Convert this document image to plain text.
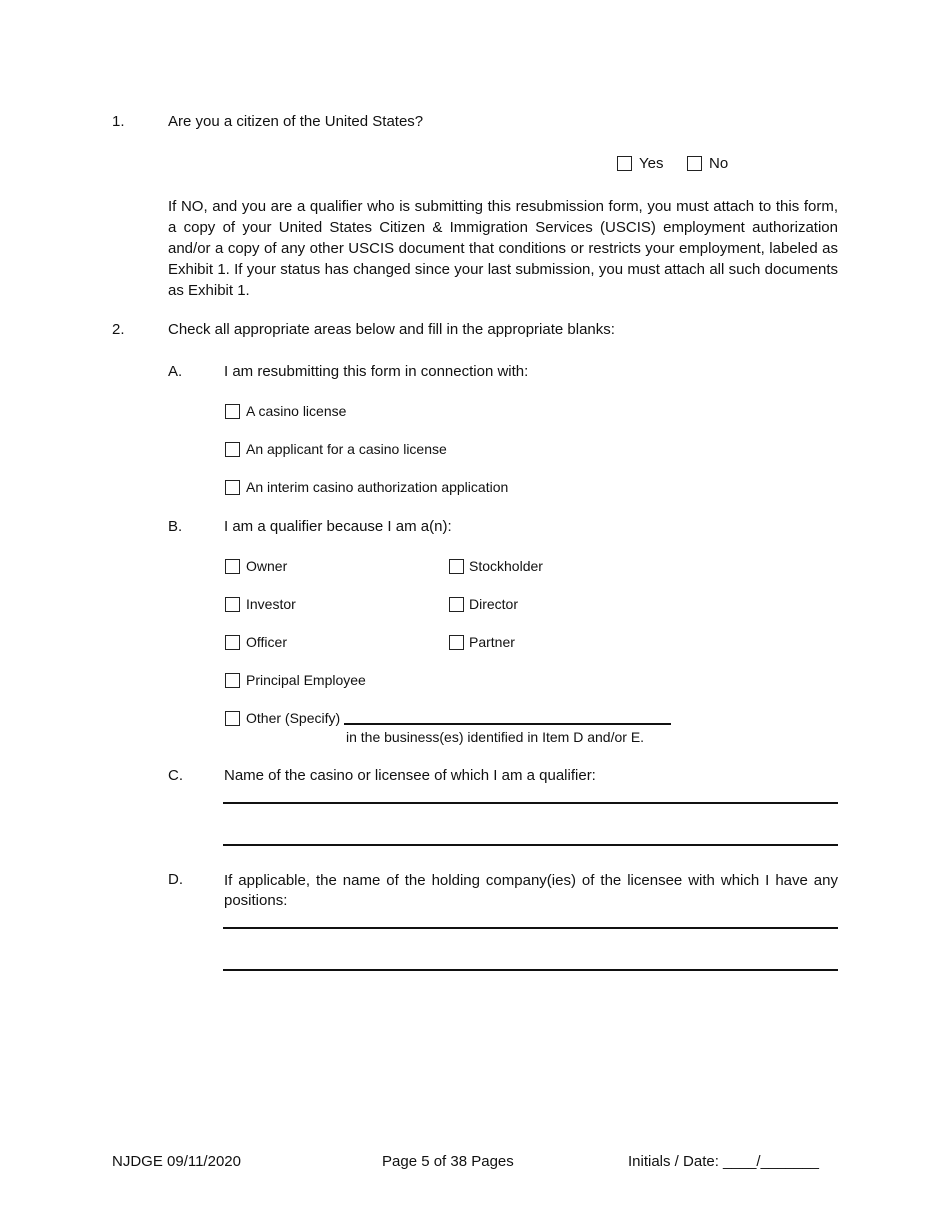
1.	Are you a citizen of the United States?
Yes	No
If NO, and you are a qualifier who is submitting this resubmission form, you must attach to this form, a copy of your United States Citizen & Immigration Services (USCIS) employment authorization and/or a copy of any other USCIS document that conditions or restricts your employment, labeled as Exhibit 1. If your status has changed since your last submission, you must attach all such documents as Exhibit 1.
2.	Check all appropriate areas below and fill in the appropriate blanks:
A.	I am resubmitting this form in connection with:
A casino license
An applicant for a casino license
An interim casino authorization application
B.	I am a qualifier because I am a(n):
Owner	Stockholder
Investor	Director
Officer	Partner
Principal Employee
Other (Specify)
in the business(es) identified in Item D and/or E.
C.	Name of the casino or licensee of which I am a qualifier:
D.	If applicable, the name of the holding company(ies) of the licensee with which I have any positions:
NJDGE 09/11/2020	Page 5 of 38 Pages	Initials / Date: ____/_______
